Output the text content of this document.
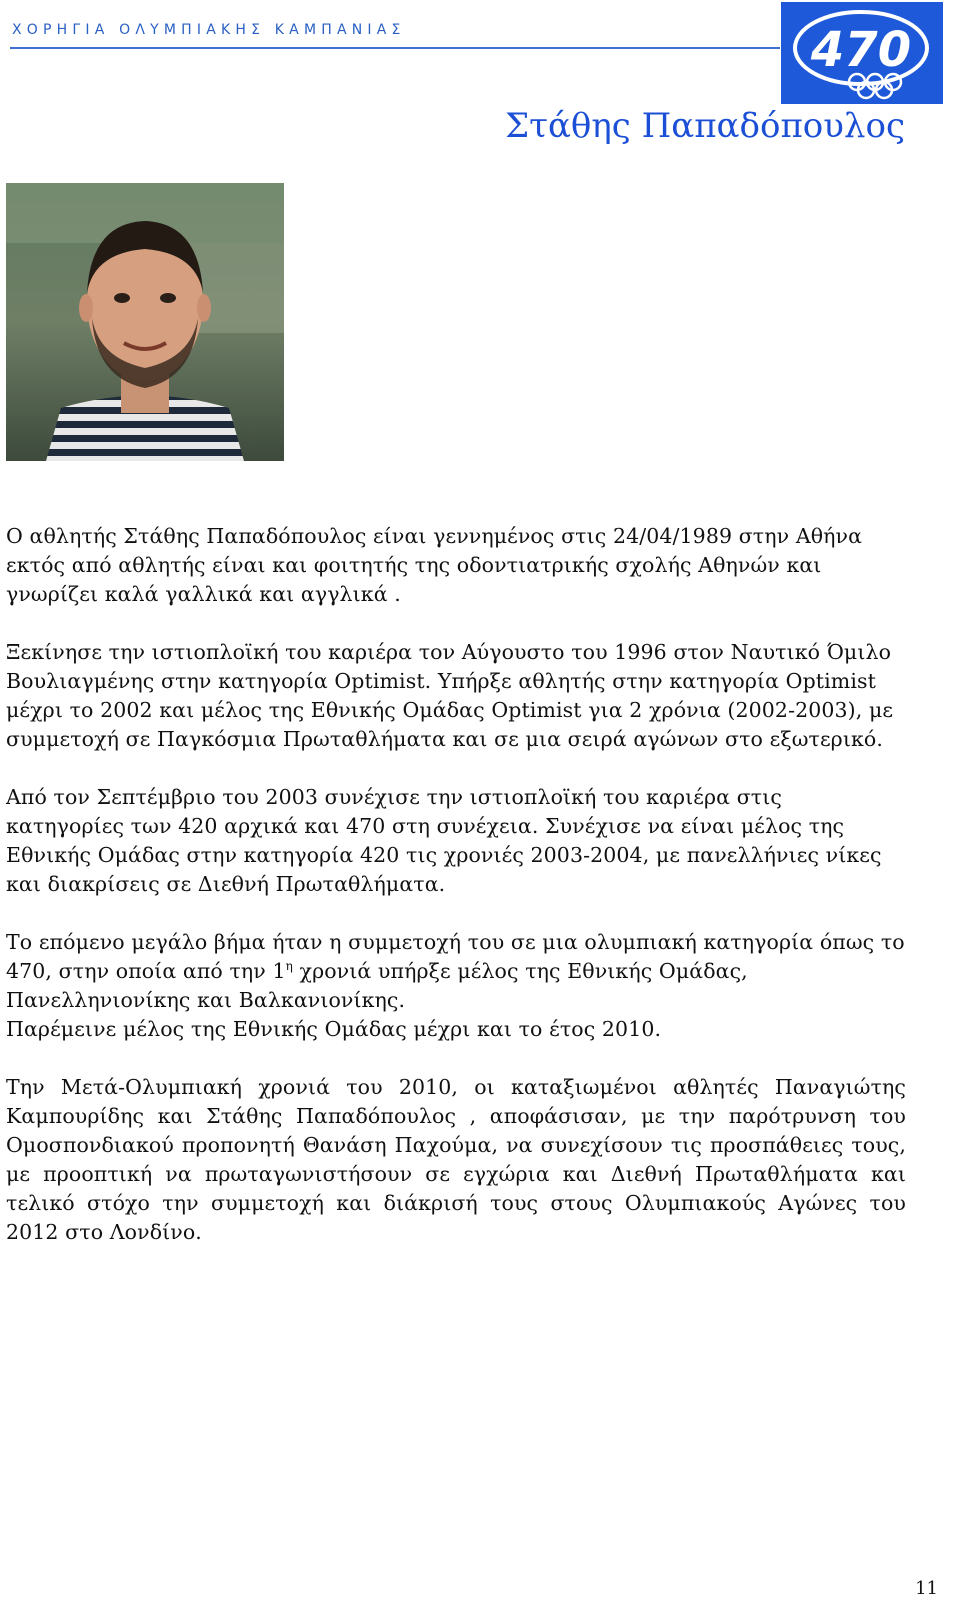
ΧΟΡΗΓΙΑ ΟΛΥΜΠΙΑΚΗΣ ΚΑΜΠΑΝΙΑΣ	470
Στάθης Παπαδόπουλος

Ο αθλητής Στάθης Παπαδόπουλος είναι γεννημένος στις 24/04/1989 στην Αθήνα εκτός από αθλητής είναι και φοιτητής της οδοντιατρικής σχολής Αθηνών και γνωρίζει καλά γαλλικά και αγγλικά .

Ξεκίνησε την ιστιοπλοϊκή του καριέρα τον Αύγουστο του 1996 στον Ναυτικό Όμιλο Βουλιαγμένης στην κατηγορία Optimist. Υπήρξε αθλητής στην κατηγορία Optimist μέχρι το 2002 και μέλος της Εθνικής Ομάδας Optimist για 2 χρόνια (2002-2003), με συμμετοχή σε Παγκόσμια Πρωταθλήματα και σε μια σειρά αγώνων στο εξωτερικό.

Από τον Σεπτέμβριο του 2003 συνέχισε την ιστιοπλοϊκή του καριέρα στις κατηγορίες των 420 αρχικά και 470 στη συνέχεια. Συνέχισε να είναι μέλος της Εθνικής Ομάδας στην κατηγορία 420 τις χρονιές 2003-2004, με πανελλήνιες νίκες και διακρίσεις σε Διεθνή Πρωταθλήματα.

Το επόμενο μεγάλο βήμα ήταν η συμμετοχή του σε μια ολυμπιακή κατηγορία όπως το 470, στην οποία από την $1^\eta$ χρονιά υπήρξε μέλος της Εθνικής Ομάδας, Πανελληνιονίκης και Βαλκανιονίκης.

Παρέμεινε μέλος της Εθνικής Ομάδας μέχρι και το έτος 2010.

Την Μετά-Ολυμπιακή χρονιά του 2010, οι καταξιωμένοι αθλητές Παναγιώτης Καμπουρίδης και Στάθης Παπαδόπουλος , αποφάσισαν, με την παρότρυνση του Ομοσπονδιακού προπονητή Θανάση Παχούμα, να συνεχίσουν τις προσπάθειες τους, με προοπτική να πρωταγωνιστήσουν σε εγχώρια και Διεθνή Πρωταθλήματα και τελικό στόχο την συμμετοχή και διάκρισή τους στους Ολυμπιακούς Αγώνες του 2012 στο Λονδίνο.

11
